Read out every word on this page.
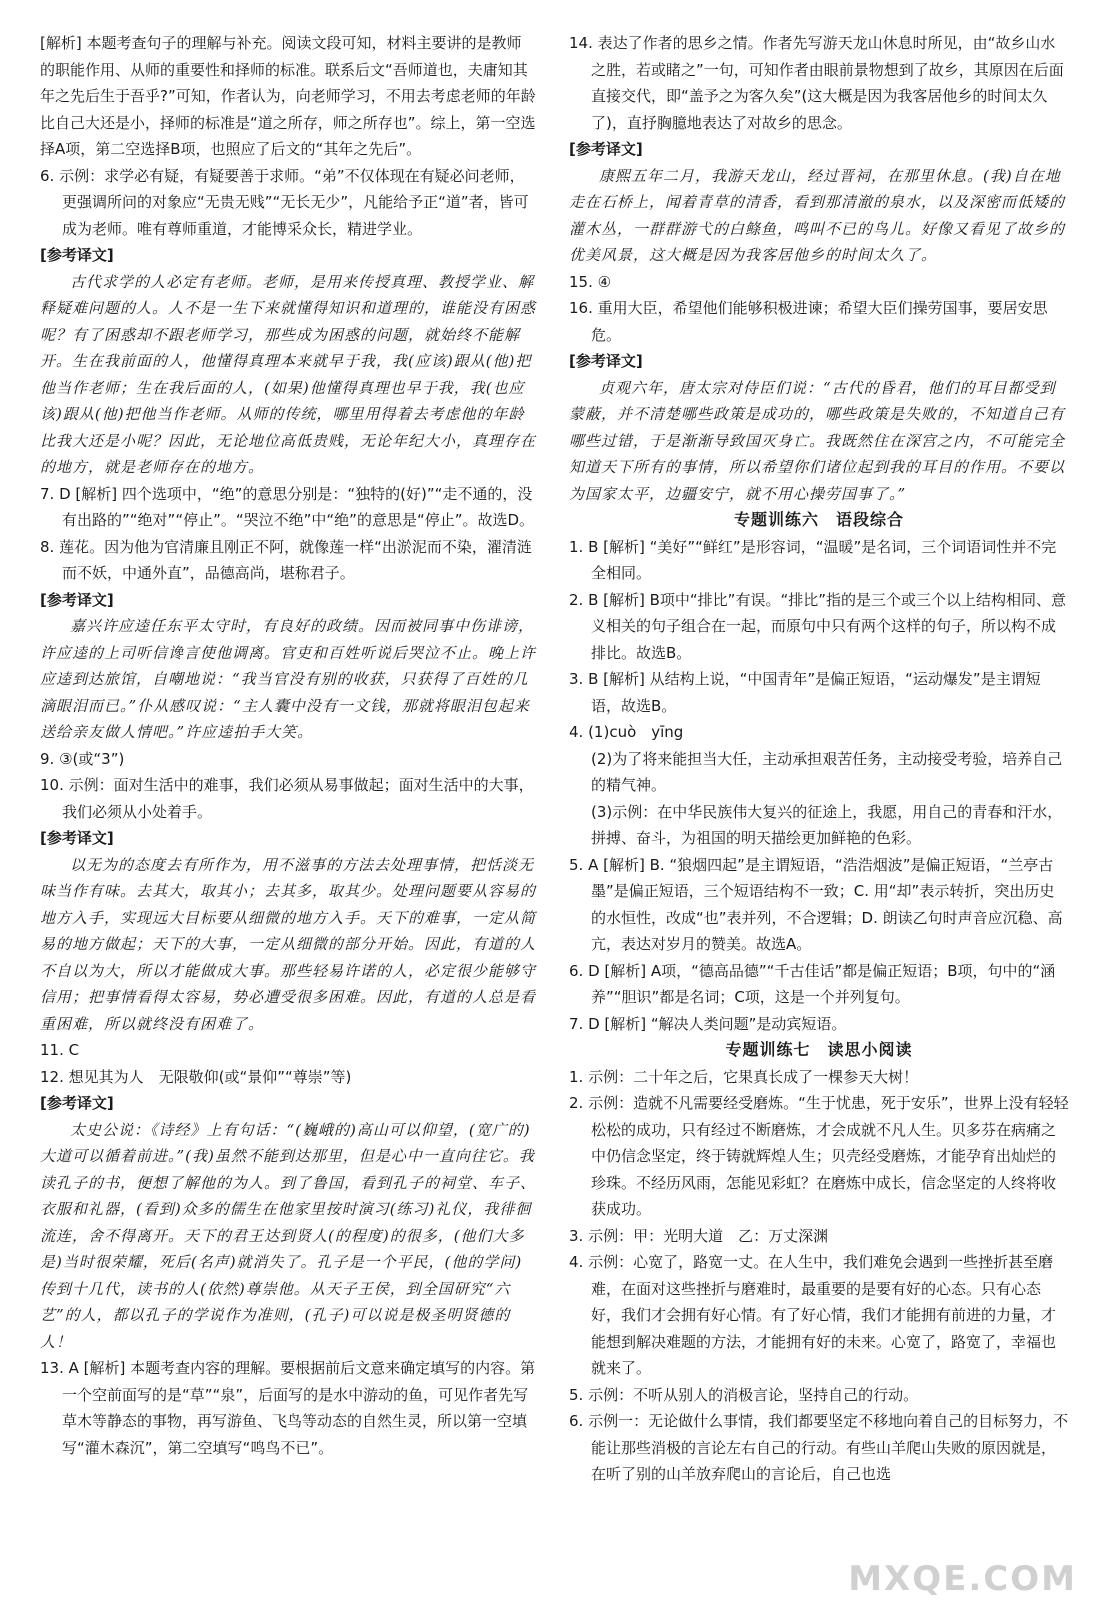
[解析] 本题考查句子的理解与补充。阅读文段可知，材料主要讲的是教师的职能作用、从师的重要性和择师的标准。联系后文“吾师道也，夫庸知其年之先后生于吾乎?”可知，作者认为，向老师学习，不用去考虑老师的年龄比自己大还是小，择师的标准是“道之所存，师之所存也”。综上，第一空选择A项，第二空选择B项，也照应了后文的“其年之先后”。

6. 示例：求学必有疑，有疑要善于求师。“弟”不仅体现在有疑必问老师，更强调所问的对象应“无贵无贱”“无长无少”，凡能给予正“道”者，皆可成为老师。唯有尊师重道，才能博采众长，精进学业。

[参考译文]

古代求学的人必定有老师。老师，是用来传授真理、教授学业、解释疑难问题的人。人不是一生下来就懂得知识和道理的，谁能没有困惑呢？有了困惑却不跟老师学习，那些成为困惑的问题，就始终不能解开。生在我前面的人，他懂得真理本来就早于我，我(应该)跟从(他)把他当作老师；生在我后面的人，(如果)他懂得真理也早于我，我(也应该)跟从(他)把他当作老师。从师的传统，哪里用得着去考虑他的年龄比我大还是小呢？因此，无论地位高低贵贱，无论年纪大小，真理存在的地方，就是老师存在的地方。

7. D [解析] 四个选项中，“绝”的意思分别是：“独特的(好)”“走不通的，没有出路的”“绝对”“停止”。“哭泣不绝”中“绝”的意思是“停止”。故选D。

8. 莲花。因为他为官清廉且刚正不阿，就像莲一样“出淤泥而不染，濯清涟而不妖，中通外直”，品德高尚，堪称君子。

[参考译文]

嘉兴许应逵任东平太守时，有良好的政绩。因而被同事中伤诽谤，许应逵的上司听信谗言使他调离。官吏和百姓听说后哭泣不止。晚上许应逵到达旅馆，自嘲地说：“我当官没有别的收获，只获得了百姓的几滴眼泪而已。”仆从感叹说：“主人囊中没有一文钱，那就将眼泪包起来送给亲友做人情吧。”许应逵拍手大笑。

9. ③(或“3”)

10. 示例：面对生活中的难事，我们必须从易事做起；面对生活中的大事，我们必须从小处着手。

[参考译文]

以无为的态度去有所作为，用不滋事的方法去处理事情，把恬淡无味当作有味。去其大，取其小；去其多，取其少。处理问题要从容易的地方入手，实现远大目标要从细微的地方入手。天下的难事，一定从简易的地方做起；天下的大事，一定从细微的部分开始。因此，有道的人不自以为大，所以才能做成大事。那些轻易许诺的人，必定很少能够守信用；把事情看得太容易，势必遭受很多困难。因此，有道的人总是看重困难，所以就终没有困难了。

11. C

12. 想见其为人　无限敬仰(或“景仰”“尊崇”等)

[参考译文]

太史公说：《诗经》上有句话：“(巍峨的)高山可以仰望，(宽广的)大道可以循着前进。”(我)虽然不能到达那里，但是心中一直向往它。我读孔子的书，便想了解他的为人。到了鲁国，看到孔子的祠堂、车子、衣服和礼器，(看到)众多的儒生在他家里按时演习(练习)礼仪，我徘徊流连，舍不得离开。天下的君王达到贤人(的程度)的很多，(他们大多是)当时很荣耀，死后(名声)就消失了。孔子是一个平民，(他的学问)传到十几代，读书的人(依然)尊崇他。从天子王侯，到全国研究“六艺”的人，都以孔子的学说作为准则，(孔子)可以说是极圣明贤德的人！

13. A [解析] 本题考查内容的理解。要根据前后文意来确定填写的内容。第一个空前面写的是“草”“泉”，后面写的是水中游动的鱼，可见作者先写草木等静态的事物，再写游鱼、飞鸟等动态的自然生灵，所以第一空填写“灌木森沉”，第二空填写“鸣鸟不已”。

14. 表达了作者的思乡之情。作者先写游天龙山休息时所见，由“故乡山水之胜，若或睹之”一句，可知作者由眼前景物想到了故乡，其原因在后面直接交代，即“盖予之为客久矣”(这大概是因为我客居他乡的时间太久了)，直抒胸臆地表达了对故乡的思念。

[参考译文]

康熙五年二月，我游天龙山，经过晋祠，在那里休息。(我)自在地走在石桥上，闻着青草的清香，看到那清澈的泉水，以及深密而低矮的灌木丛，一群群游弋的白鲦鱼，鸣叫不已的鸟儿。好像又看见了故乡的优美风景，这大概是因为我客居他乡的时间太久了。

15. ④

16. 重用大臣，希望他们能够积极进谏；希望大臣们操劳国事，要居安思危。

[参考译文]

贞观六年，唐太宗对侍臣们说：“古代的昏君，他们的耳目都受到蒙蔽，并不清楚哪些政策是成功的，哪些政策是失败的，不知道自己有哪些过错，于是渐渐导致国灭身亡。我既然住在深宫之内，不可能完全知道天下所有的事情，所以希望你们诸位起到我的耳目的作用。不要以为国家太平，边疆安宁，就不用心操劳国事了。”

专题训练六　语段综合

1. B [解析] “美好”“鲜红”是形容词，“温暖”是名词，三个词语词性并不完全相同。

2. B [解析] B项中“排比”有误。“排比”指的是三个或三个以上结构相同、意义相关的句子组合在一起，而原句中只有两个这样的句子，所以构不成排比。故选B。

3. B [解析] 从结构上说，“中国青年”是偏正短语，“运动爆发”是主谓短语，故选B。

4. (1)cuò　yīng

(2)为了将来能担当大任，主动承担艰苦任务，主动接受考验，培养自己的精气神。

(3)示例：在中华民族伟大复兴的征途上，我愿，用自己的青春和汗水，拼搏、奋斗，为祖国的明天描绘更加鲜艳的色彩。

5. A [解析] B. “狼烟四起”是主谓短语，“浩浩烟波”是偏正短语，“兰亭古墨”是偏正短语，三个短语结构不一致；C. 用“却”表示转折，突出历史的水恒性，改成“也”表并列，不合逻辑；D. 朗读乙句时声音应沉稳、高亢，表达对岁月的赞美。故选A。

6. D [解析] A项，“德高品德”“千古佳话”都是偏正短语；B项，句中的“涵养”“胆识”都是名词；C项，这是一个并列复句。

7. D [解析] “解决人类问题”是动宾短语。

专题训练七　读思小阅读

1. 示例：二十年之后，它果真长成了一棵参天大树！

2. 示例：造就不凡需要经受磨炼。“生于忧患，死于安乐”，世界上没有轻轻松松的成功，只有经过不断磨炼，才会成就不凡人生。贝多芬在病痛之中仍信念坚定，终于铸就辉煌人生；贝壳经受磨炼，才能孕育出灿烂的珍珠。不经历风雨，怎能见彩虹？在磨炼中成长，信念坚定的人终将收获成功。

3. 示例：甲：光明大道　乙：万丈深渊

4. 示例：心宽了，路宽一丈。在人生中，我们难免会遇到一些挫折甚至磨难，在面对这些挫折与磨难时，最重要的是要有好的心态。只有心态好，我们才会拥有好心情。有了好心情，我们才能拥有前进的力量，才能想到解决难题的方法，才能拥有好的未来。心宽了，路宽了，幸福也就来了。

5. 示例：不听从别人的消极言论，坚持自己的行动。

6. 示例一：无论做什么事情，我们都要坚定不移地向着自己的目标努力，不能让那些消极的言论左右自己的行动。有些山羊爬山失败的原因就是，在听了别的山羊放弃爬山的言论后，自己也选

MXQE.COM
